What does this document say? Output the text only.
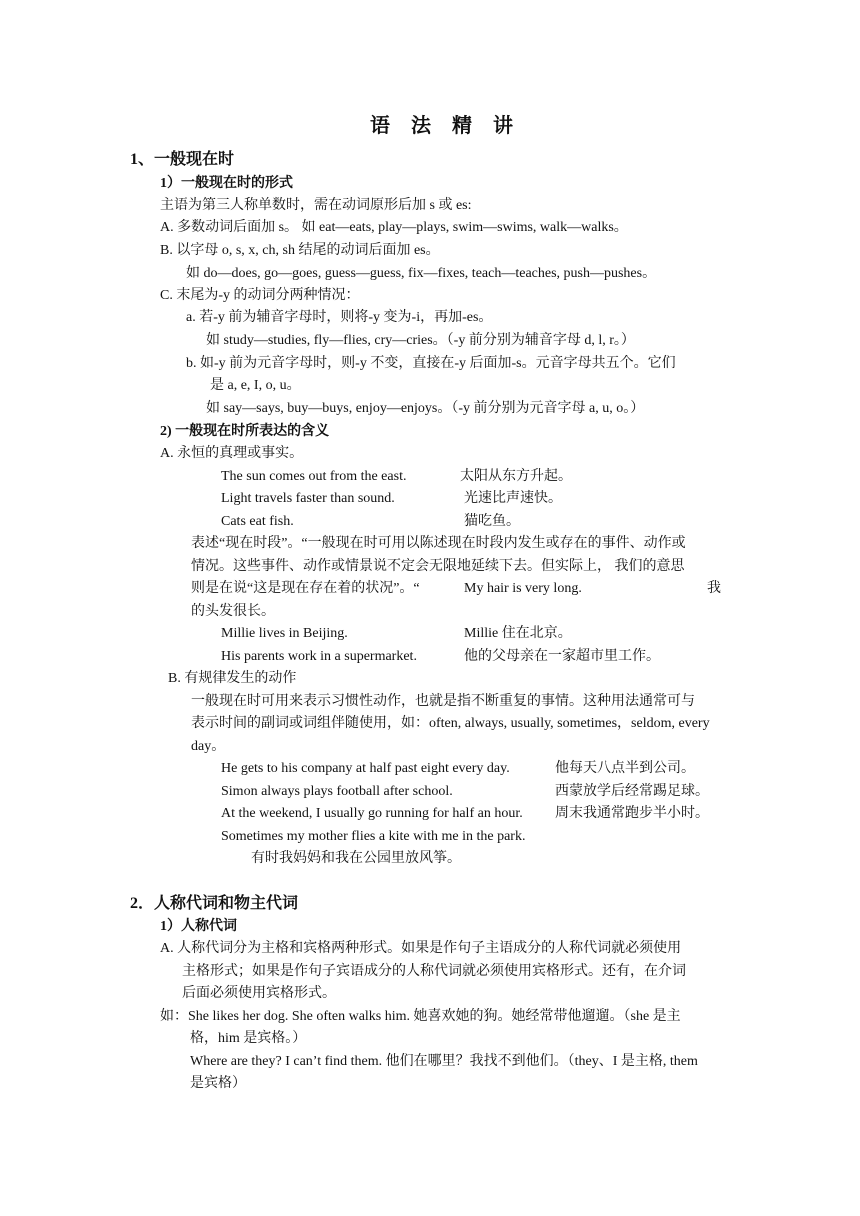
语 法 精 讲
1、一般现在时
1）一般现在时的形式
主语为第三人称单数时，需在动词原形后加 s 或 es:
A. 多数动词后面加 s。 如 eat—eats, play—plays, swim—swims, walk—walks。
B. 以字母 o, s, x, ch, sh 结尾的动词后面加 es。
如 do—does, go—goes, guess—guess, fix—fixes, teach—teaches, push—pushes。
C. 末尾为-y 的动词分两种情况：
a. 若-y 前为辅音字母时，则将-y 变为-i，再加-es。
如 study—studies, fly—flies, cry—cries。（-y 前分别为辅音字母 d, l, r。）
b. 如-y 前为元音字母时，则-y 不变，直接在-y 后面加-s。元音字母共五个。它们
是 a, e, I, o, u。
如 say—says, buy—buys, enjoy—enjoys。（-y 前分别为元音字母 a, u, o。）
2) 一般现在时所表达的含义
A. 永恒的真理或事实。
The sun comes out from the east.	太阳从东方升起。
Light travels faster than sound.	光速比声速快。
Cats eat fish.	猫吃鱼。
表述“现在时段”。“一般现在时可用以陈述现在时段内发生或存在的事件、动作或
情况。这些事件、动作或情景说不定会无限地延续下去。但实际上， 我们的意思
则是在说“这是现在存在着的状况”。“	My hair is very long.	我
的头发很长。
Millie lives in Beijing.	Millie 住在北京。
His parents work in a supermarket.	他的父母亲在一家超市里工作。
B. 有规律发生的动作
一般现在时可用来表示习惯性动作，也就是指不断重复的事情。这种用法通常可与
表示时间的副词或词组伴随使用，如：often, always, usually, sometimes，seldom, every
day。
He gets to his company at half past eight every day.	他每天八点半到公司。
Simon always plays football after school.	西蒙放学后经常踢足球。
At the weekend, I usually go running for half an hour. 周末我通常跑步半小时。
Sometimes my mother flies a kite with me in the park.
有时我妈妈和我在公园里放风筝。
2．人称代词和物主代词
1）人称代词
A. 人称代词分为主格和宾格两种形式。如果是作句子主语成分的人称代词就必须使用
主格形式；如果是作句子宾语成分的人称代词就必须使用宾格形式。还有，在介词
后面必须使用宾格形式。
如：She likes her dog. She often walks him. 她喜欢她的狗。她经常带他遛遛。（she 是主
格，him 是宾格。）
Where are they? I can’t find them. 他们在哪里？我找不到他们。（they、I 是主格, them
是宾格）
